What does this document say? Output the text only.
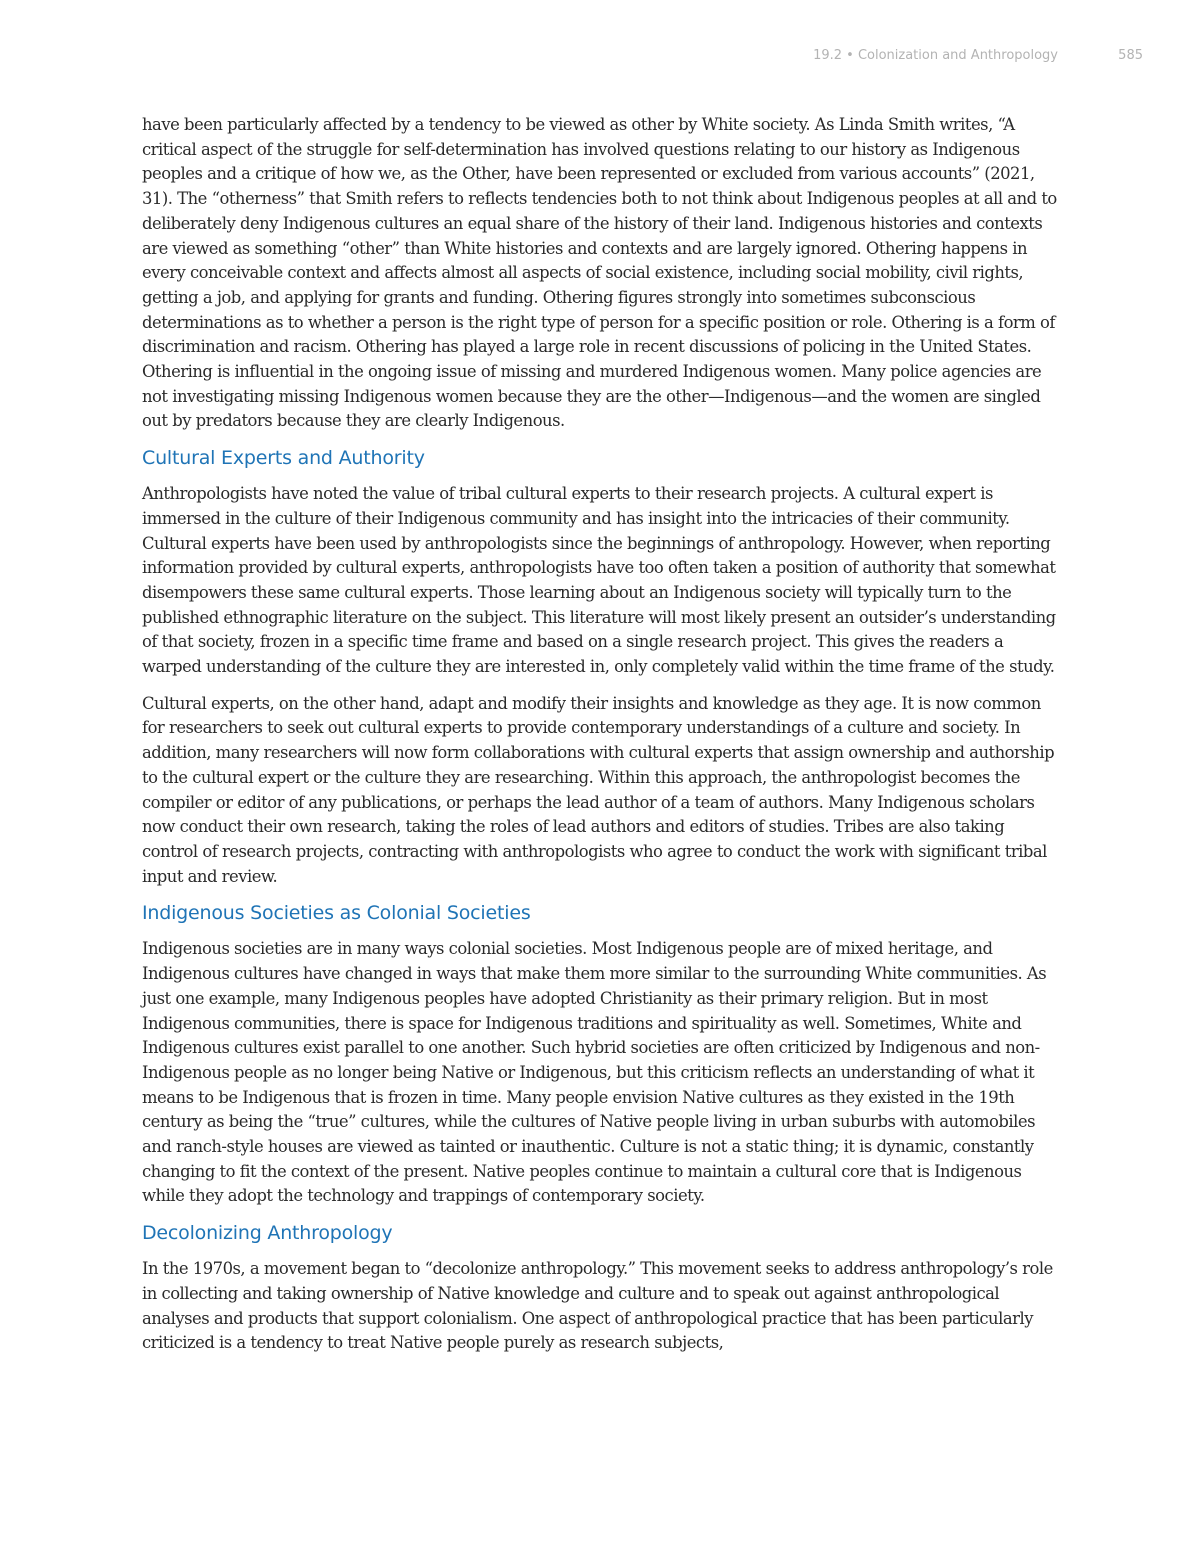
19.2 • Colonization and Anthropology	585

have been particularly affected by a tendency to be viewed as other by White society. As Linda Smith writes, “A critical aspect of the struggle for self-determination has involved questions relating to our history as Indigenous peoples and a critique of how we, as the Other, have been represented or excluded from various accounts” (2021, 31). The “otherness” that Smith refers to reflects tendencies both to not think about Indigenous peoples at all and to deliberately deny Indigenous cultures an equal share of the history of their land. Indigenous histories and contexts are viewed as something “other” than White histories and contexts and are largely ignored. Othering happens in every conceivable context and affects almost all aspects of social existence, including social mobility, civil rights, getting a job, and applying for grants and funding. Othering figures strongly into sometimes subconscious determinations as to whether a person is the right type of person for a specific position or role. Othering is a form of discrimination and racism. Othering has played a large role in recent discussions of policing in the United States. Othering is influential in the ongoing issue of missing and murdered Indigenous women. Many police agencies are not investigating missing Indigenous women because they are the other—Indigenous—and the women are singled out by predators because they are clearly Indigenous.

Cultural Experts and Authority

Anthropologists have noted the value of tribal cultural experts to their research projects. A cultural expert is immersed in the culture of their Indigenous community and has insight into the intricacies of their community. Cultural experts have been used by anthropologists since the beginnings of anthropology. However, when reporting information provided by cultural experts, anthropologists have too often taken a position of authority that somewhat disempowers these same cultural experts. Those learning about an Indigenous society will typically turn to the published ethnographic literature on the subject. This literature will most likely present an outsider’s understanding of that society, frozen in a specific time frame and based on a single research project. This gives the readers a warped understanding of the culture they are interested in, only completely valid within the time frame of the study.

Cultural experts, on the other hand, adapt and modify their insights and knowledge as they age. It is now common for researchers to seek out cultural experts to provide contemporary understandings of a culture and society. In addition, many researchers will now form collaborations with cultural experts that assign ownership and authorship to the cultural expert or the culture they are researching. Within this approach, the anthropologist becomes the compiler or editor of any publications, or perhaps the lead author of a team of authors. Many Indigenous scholars now conduct their own research, taking the roles of lead authors and editors of studies. Tribes are also taking control of research projects, contracting with anthropologists who agree to conduct the work with significant tribal input and review.

Indigenous Societies as Colonial Societies

Indigenous societies are in many ways colonial societies. Most Indigenous people are of mixed heritage, and Indigenous cultures have changed in ways that make them more similar to the surrounding White communities. As just one example, many Indigenous peoples have adopted Christianity as their primary religion. But in most Indigenous communities, there is space for Indigenous traditions and spirituality as well. Sometimes, White and Indigenous cultures exist parallel to one another. Such hybrid societies are often criticized by Indigenous and non-Indigenous people as no longer being Native or Indigenous, but this criticism reflects an understanding of what it means to be Indigenous that is frozen in time. Many people envision Native cultures as they existed in the 19th century as being the “true” cultures, while the cultures of Native people living in urban suburbs with automobiles and ranch-style houses are viewed as tainted or inauthentic. Culture is not a static thing; it is dynamic, constantly changing to fit the context of the present. Native peoples continue to maintain a cultural core that is Indigenous while they adopt the technology and trappings of contemporary society.

Decolonizing Anthropology

In the 1970s, a movement began to “decolonize anthropology.” This movement seeks to address anthropology’s role in collecting and taking ownership of Native knowledge and culture and to speak out against anthropological analyses and products that support colonialism. One aspect of anthropological practice that has been particularly criticized is a tendency to treat Native people purely as research subjects,
